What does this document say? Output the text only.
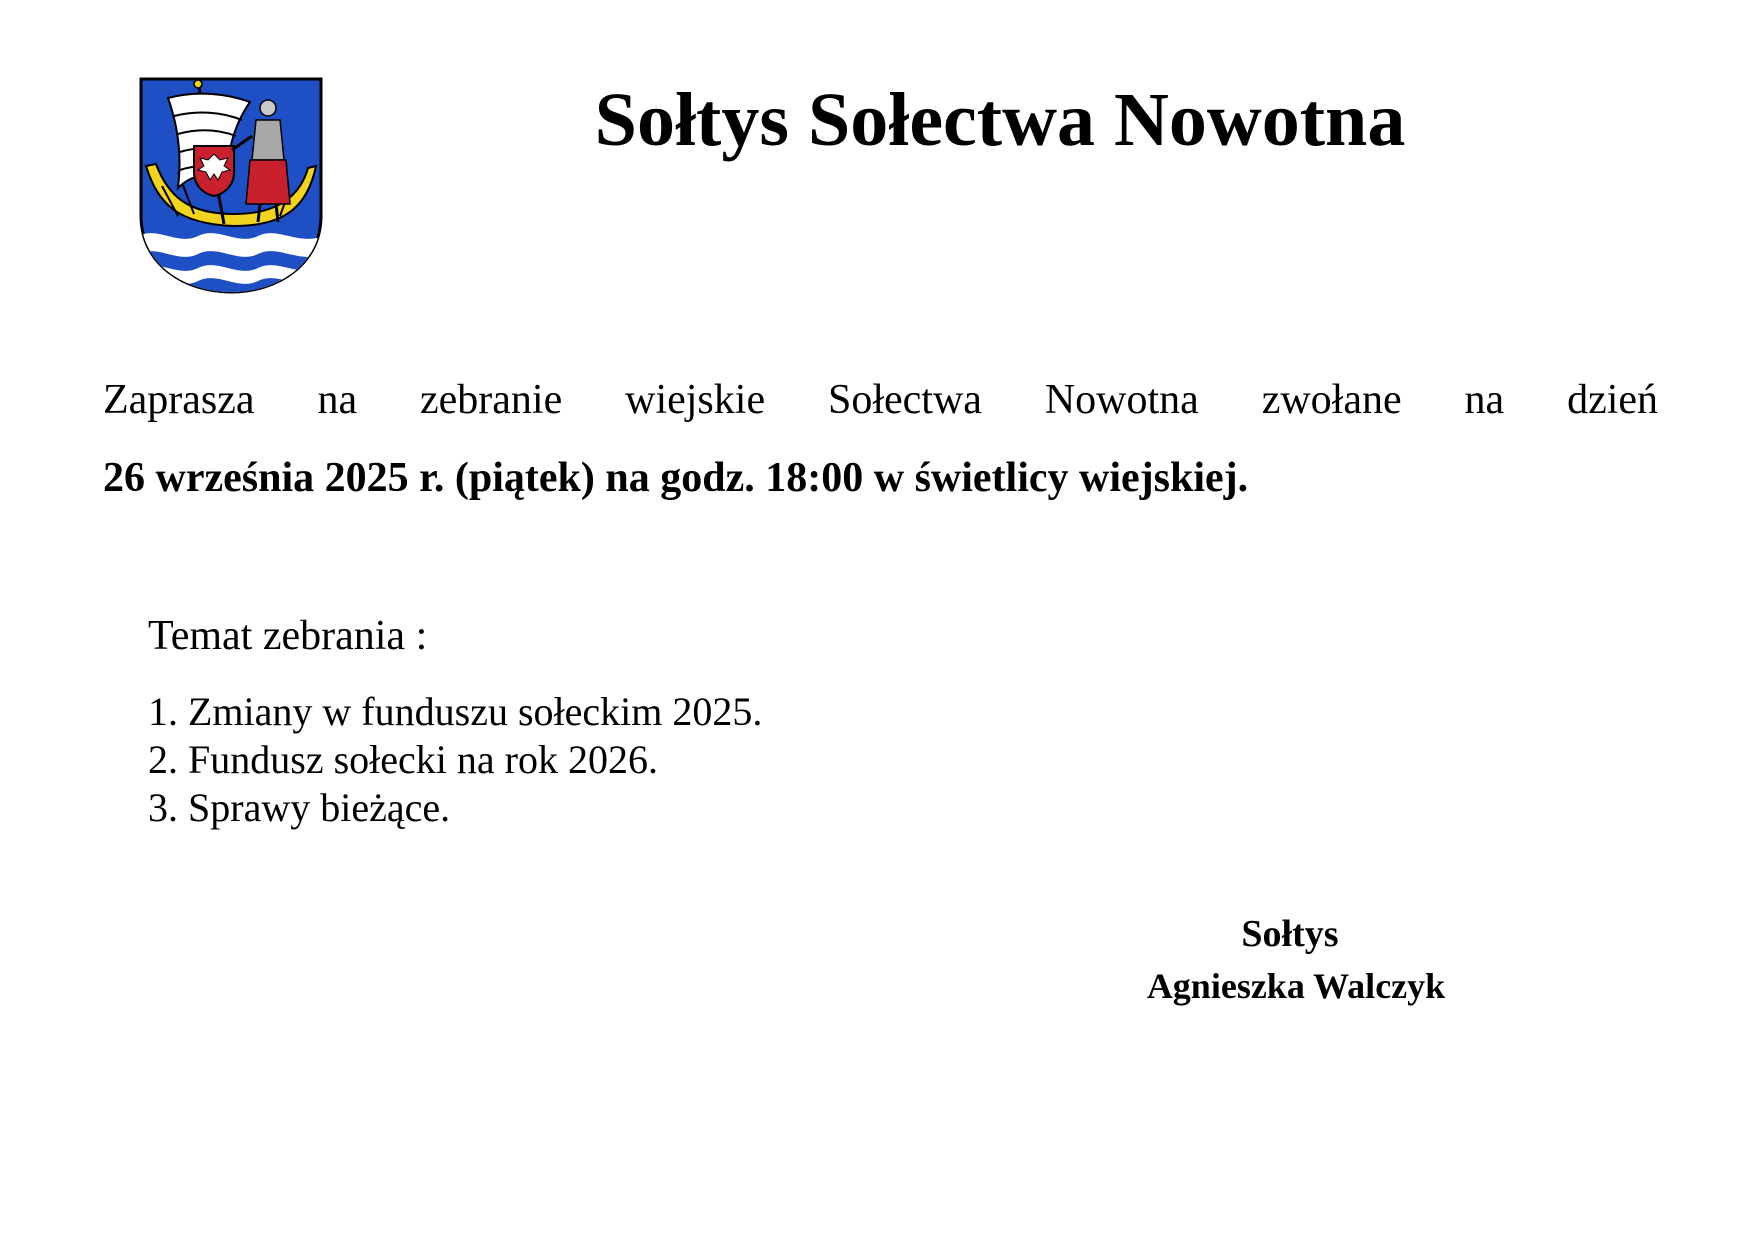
Sołtys Sołectwa Nowotna
Zaprasza na zebranie wiejskie Sołectwa Nowotna zwołane na dzień
26 września 2025 r. (piątek) na godz. 18:00 w świetlicy wiejskiej.
Temat zebrania :
1. Zmiany w funduszu sołeckim 2025.
2. Fundusz sołecki na rok 2026.
3. Sprawy bieżące.
Sołtys
Agnieszka Walczyk
